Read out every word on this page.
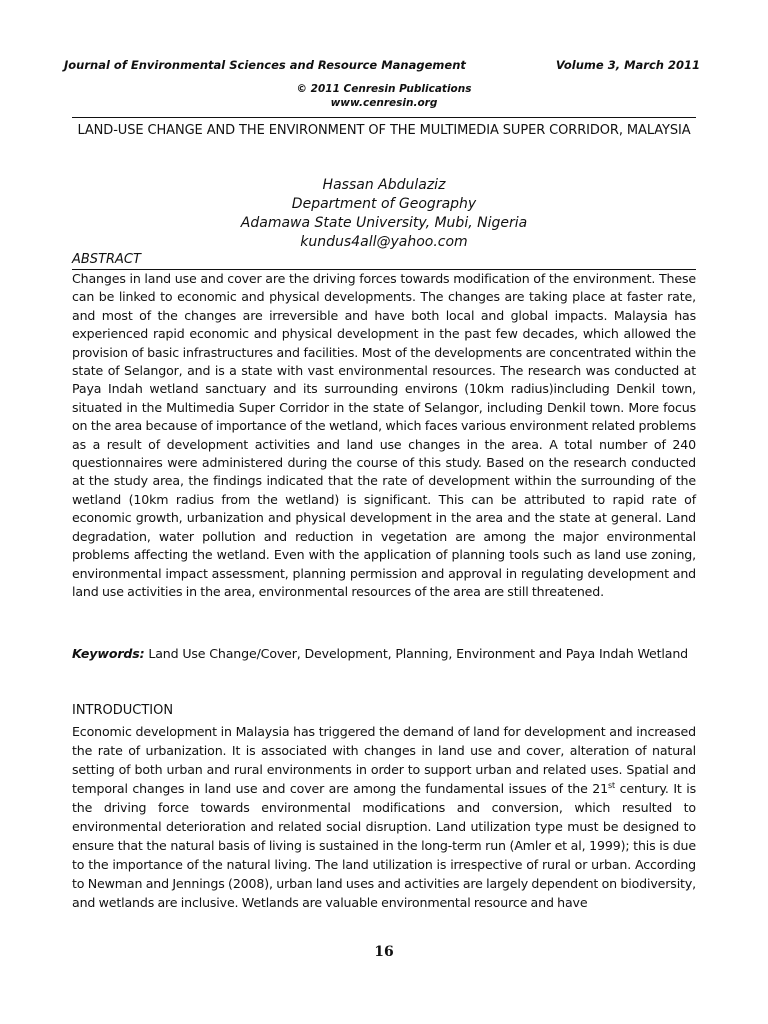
Journal of Environmental Sciences and Resource Management	Volume 3, March 2011
© 2011 Cenresin Publications
www.cenresin.org
LAND-USE CHANGE AND THE ENVIRONMENT OF THE MULTIMEDIA SUPER CORRIDOR, MALAYSIA
Hassan Abdulaziz
Department of Geography
Adamawa State University, Mubi, Nigeria
kundus4all@yahoo.com
ABSTRACT
Changes in land use and cover are the driving forces towards modification of the environment. These can be linked to economic and physical developments. The changes are taking place at faster rate, and most of the changes are irreversible and have both local and global impacts. Malaysia has experienced rapid economic and physical development in the past few decades, which allowed the provision of basic infrastructures and facilities. Most of the developments are concentrated within the state of Selangor, and is a state with vast environmental resources. The research was conducted at Paya Indah wetland sanctuary and its surrounding environs (10km radius)including Denkil town, situated in the Multimedia Super Corridor in the state of Selangor, including Denkil town. More focus on the area because of importance of the wetland, which faces various environment related problems as a result of development activities and land use changes in the area. A total number of 240 questionnaires were administered during the course of this study. Based on the research conducted at the study area, the findings indicated that the rate of development within the surrounding of the wetland (10km radius from the wetland) is significant. This can be attributed to rapid rate of economic growth, urbanization and physical development in the area and the state at general. Land degradation, water pollution and reduction in vegetation are among the major environmental problems affecting the wetland. Even with the application of planning tools such as land use zoning, environmental impact assessment, planning permission and approval in regulating development and land use activities in the area, environmental resources of the area are still threatened.
Keywords: Land Use Change/Cover, Development, Planning, Environment and Paya Indah Wetland
INTRODUCTION
Economic development in Malaysia has triggered the demand of land for development and increased the rate of urbanization. It is associated with changes in land use and cover, alteration of natural setting of both urban and rural environments in order to support urban and related uses. Spatial and temporal changes in land use and cover are among the fundamental issues of the 21st century. It is the driving force towards environmental modifications and conversion, which resulted to environmental deterioration and related social disruption. Land utilization type must be designed to ensure that the natural basis of living is sustained in the long-term run (Amler et al, 1999); this is due to the importance of the natural living. The land utilization is irrespective of rural or urban. According to Newman and Jennings (2008), urban land uses and activities are largely dependent on biodiversity, and wetlands are inclusive. Wetlands are valuable environmental resource and have
16
